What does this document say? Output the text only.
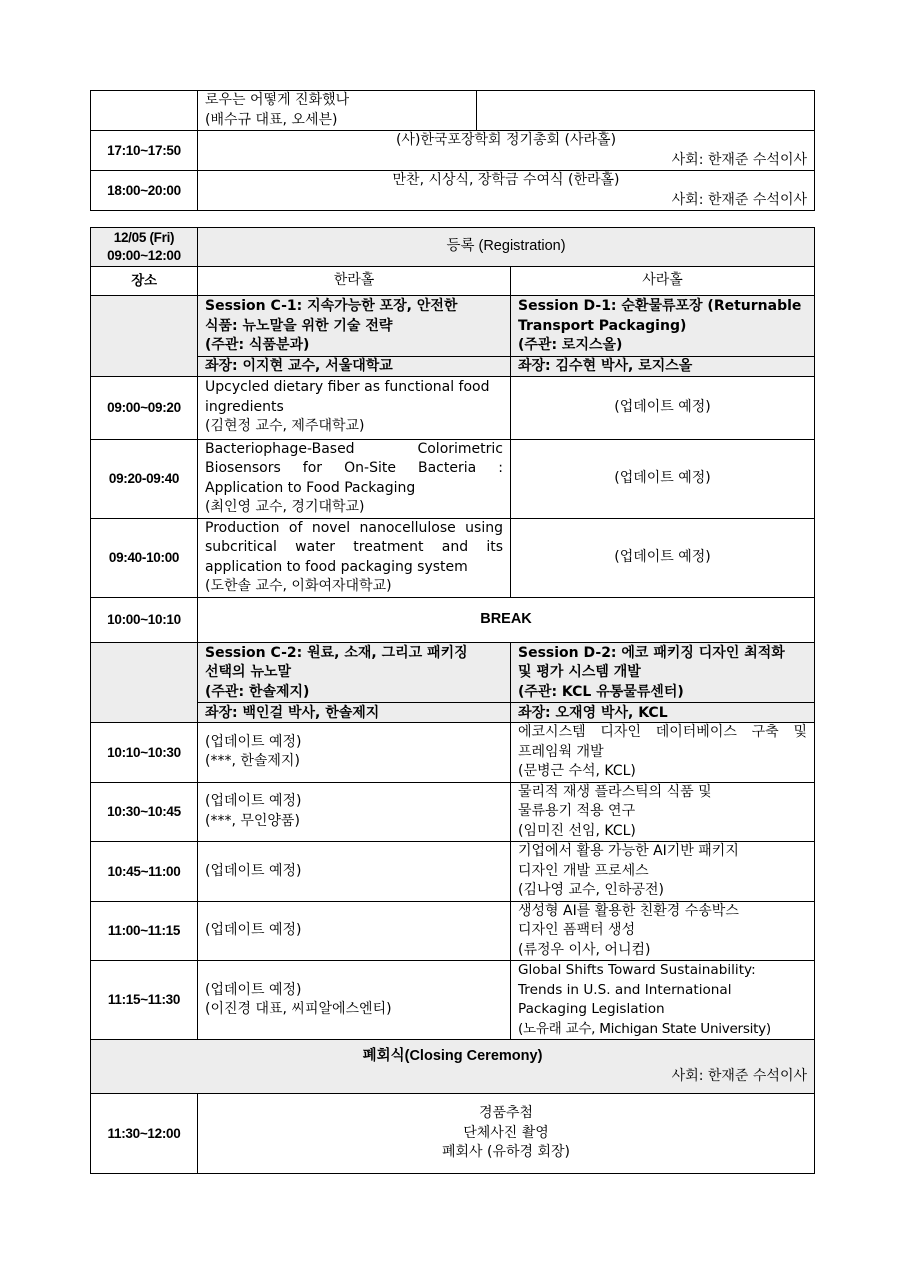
	로우는 어떻게 진화했나
(배수규 대표, 오세븐)	

17:10~17:50	(사)한국포장학회 정기총회 (사라홀)
사회: 한재준 수석이사	

18:00~20:00	만찬, 시상식, 장학금 수여식 (한라홀)
사회: 한재준 수석이사	
12/05 (Fri)
09:00~12:00	등록 (Registration)	
장소	한라홀	사라홀

	Session C-1: 지속가능한 포장, 안전한
식품: 뉴노말을 위한 기술 전략
(주관: 식품분과)	Session D-1: 순환물류포장 (Returnable
Transport Packaging)
(주관: 로지스올)

	좌장: 이지현 교수, 서울대학교	좌장: 김수현 박사, 로지스올
09:00~09:20	Upcycled dietary fiber as functional food
ingredients
(김현정 교수, 제주대학교)	(업데이트 예정)
09:20-09:40	Bacteriophage-Based Colorimetric
Biosensors for On-Site Bacteria :
Application to Food Packaging
(최인영 교수, 경기대학교)	(업데이트 예정)
09:40-10:00	Production of novel nanocellulose using
subcritical water treatment and its
application to food packaging system
(도한솔 교수, 이화여자대학교)	(업데이트 예정)
10:00~10:10	BREAK	

	Session C-2: 원료, 소재, 그리고 패키징
선택의 뉴노말
(주관: 한솔제지)	Session D-2: 에코 패키징 디자인 최적화
및 평가 시스템 개발
(주관: KCL 유통물류센터)

	좌장: 백인걸 박사, 한솔제지	좌장: 오재영 박사, KCL
10:10~10:30	(업데이트 예정)
(***, 한솔제지)	에코시스템 디자인 데이터베이스 구축 및
프레임웍 개발
(문병근 수석, KCL)

10:30~10:45	(업데이트 예정)
(***, 무인양품)	물리적 재생 플라스틱의 식품 및
물류용기 적용 연구
(임미진 선임, KCL)

10:45~11:00	(업데이트 예정)	기업에서 활용 가능한 AI기반 패키지
디자인 개발 프로세스
(김나영 교수, 인하공전)

11:00~11:15	(업데이트 예정)	생성형 AI를 활용한 친환경 수송박스
디자인 폼팩터 생성
(류정우 이사, 어니컴)

11:15~11:30	(업데이트 예정)
(이진경 대표, 씨피알에스엔티)	Global Shifts Toward Sustainability:
Trends in U.S. and International
Packaging Legislation
(노유래 교수, Michigan State University)

폐회식(Closing Ceremony)
사회: 한재준 수석이사		

11:30~12:00	경품추첨
단체사진 촬영
폐회사 (유하경 회장)	
